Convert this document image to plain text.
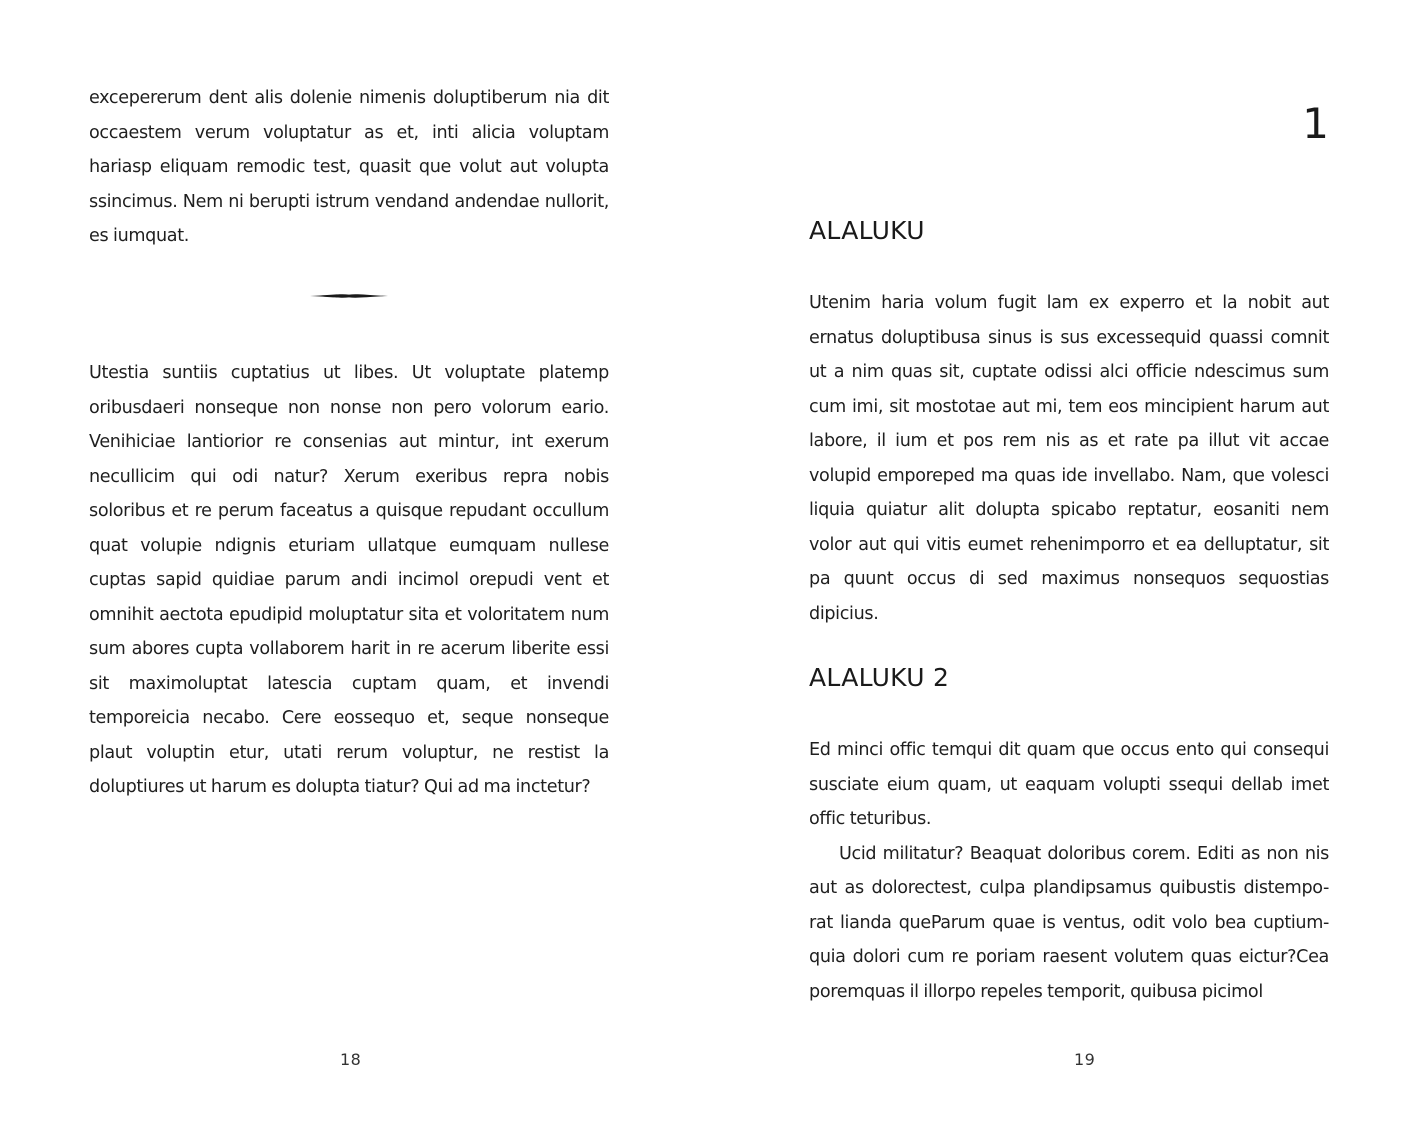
excepererum dent alis dolenie nimenis doluptiberum nia dit occaestem verum voluptatur as et, inti alicia voluptam hariasp eliquam remodic test, quasit que volut aut volupta ssincimus. Nem ni berupti istrum vendand andendae nullorit, es iumquat.

Utestia suntiis cuptatius ut libes. Ut voluptate platemp oribusdaeri nonseque non nonse non pero volorum eario. Venihiciae lantiorior re consenias aut mintur, int exerum necullicim qui odi natur? Xerum exeribus repra nobis soloribus et re perum faceatus a quisque repudant occullum quat volupie ndignis eturiam ullatque eumquam nullese cuptas sapid quidiae parum andi incimol orepudi vent et omnihit aectota epudipid moluptatur sita et voloritatem num sum abores cupta vollaborem harit in re acerum liberite essi sit maximoluptat latescia cuptam quam, et invendi temporeicia necabo. Cere eossequo et, seque nonseque plaut voluptin etur, utati rerum voluptur, ne restist la doluptiures ut harum es dolupta tiatur? Qui ad ma inctetur?

18
1
ALALUKU

Utenim haria volum fugit lam ex experro et la nobit aut ernatus doluptibusa sinus is sus excessequid quassi comnit ut a nim quas sit, cuptate odissi alci officie ndescimus sum cum imi, sit mostotae aut mi, tem eos mincipient harum aut labore, il ium et pos rem nis as et rate pa illut vit accae volupid emporeped ma quas ide invellabo. Nam, que volesci liquia quiatur alit dolupta spicabo reptatur, eosaniti nem volor aut qui vitis eumet rehenimporro et ea delluptatur, sit pa quunt occus di sed maximus nonsequos sequostias dipicius.

ALALUKU 2

Ed minci offic temqui dit quam que occus ento qui consequi susciate eium quam, ut eaquam volupti ssequi dellab imet offic teturibus.

Ucid militatur? Beaquat doloribus corem. Editi as non nis aut as dolorectest, culpa plandipsamus quibustis distempo-rat lianda queParum quae is ventus, odit volo bea cuptium-quia dolori cum re poriam raesent volutem quas eictur?Cea poremquas il illorpo repeles temporit, quibusa picimol

19
